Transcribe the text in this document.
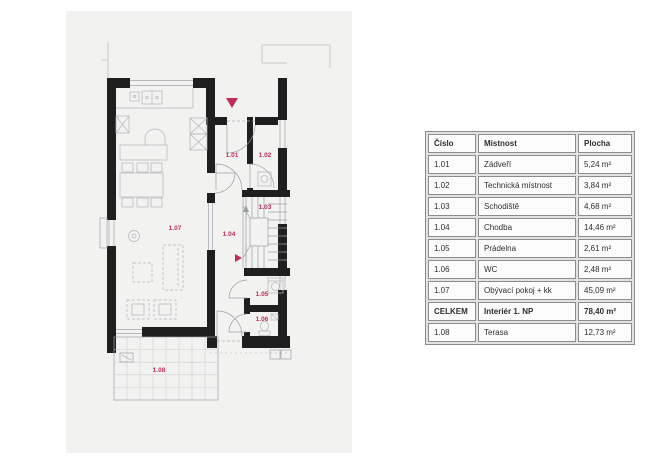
1.01	1.02
1.03
1.04
1.05
1.06
1.07
1.08
Číslo	Místnost	Plocha
1.01	Zádveří	5,24 m²
1.02	Technická místnost	3,84 m²
1.03	Schodiště	4,68 m²
1.04	Chodba	14,46 m²
1.05	Prádelna	2,61 m²
1.06	WC	2,48 m²
1.07	Obývací pokoj + kk	45,09 m²
CELKEM	Interiér 1. NP	78,40 m²
1.08	Terasa	12,73 m²
